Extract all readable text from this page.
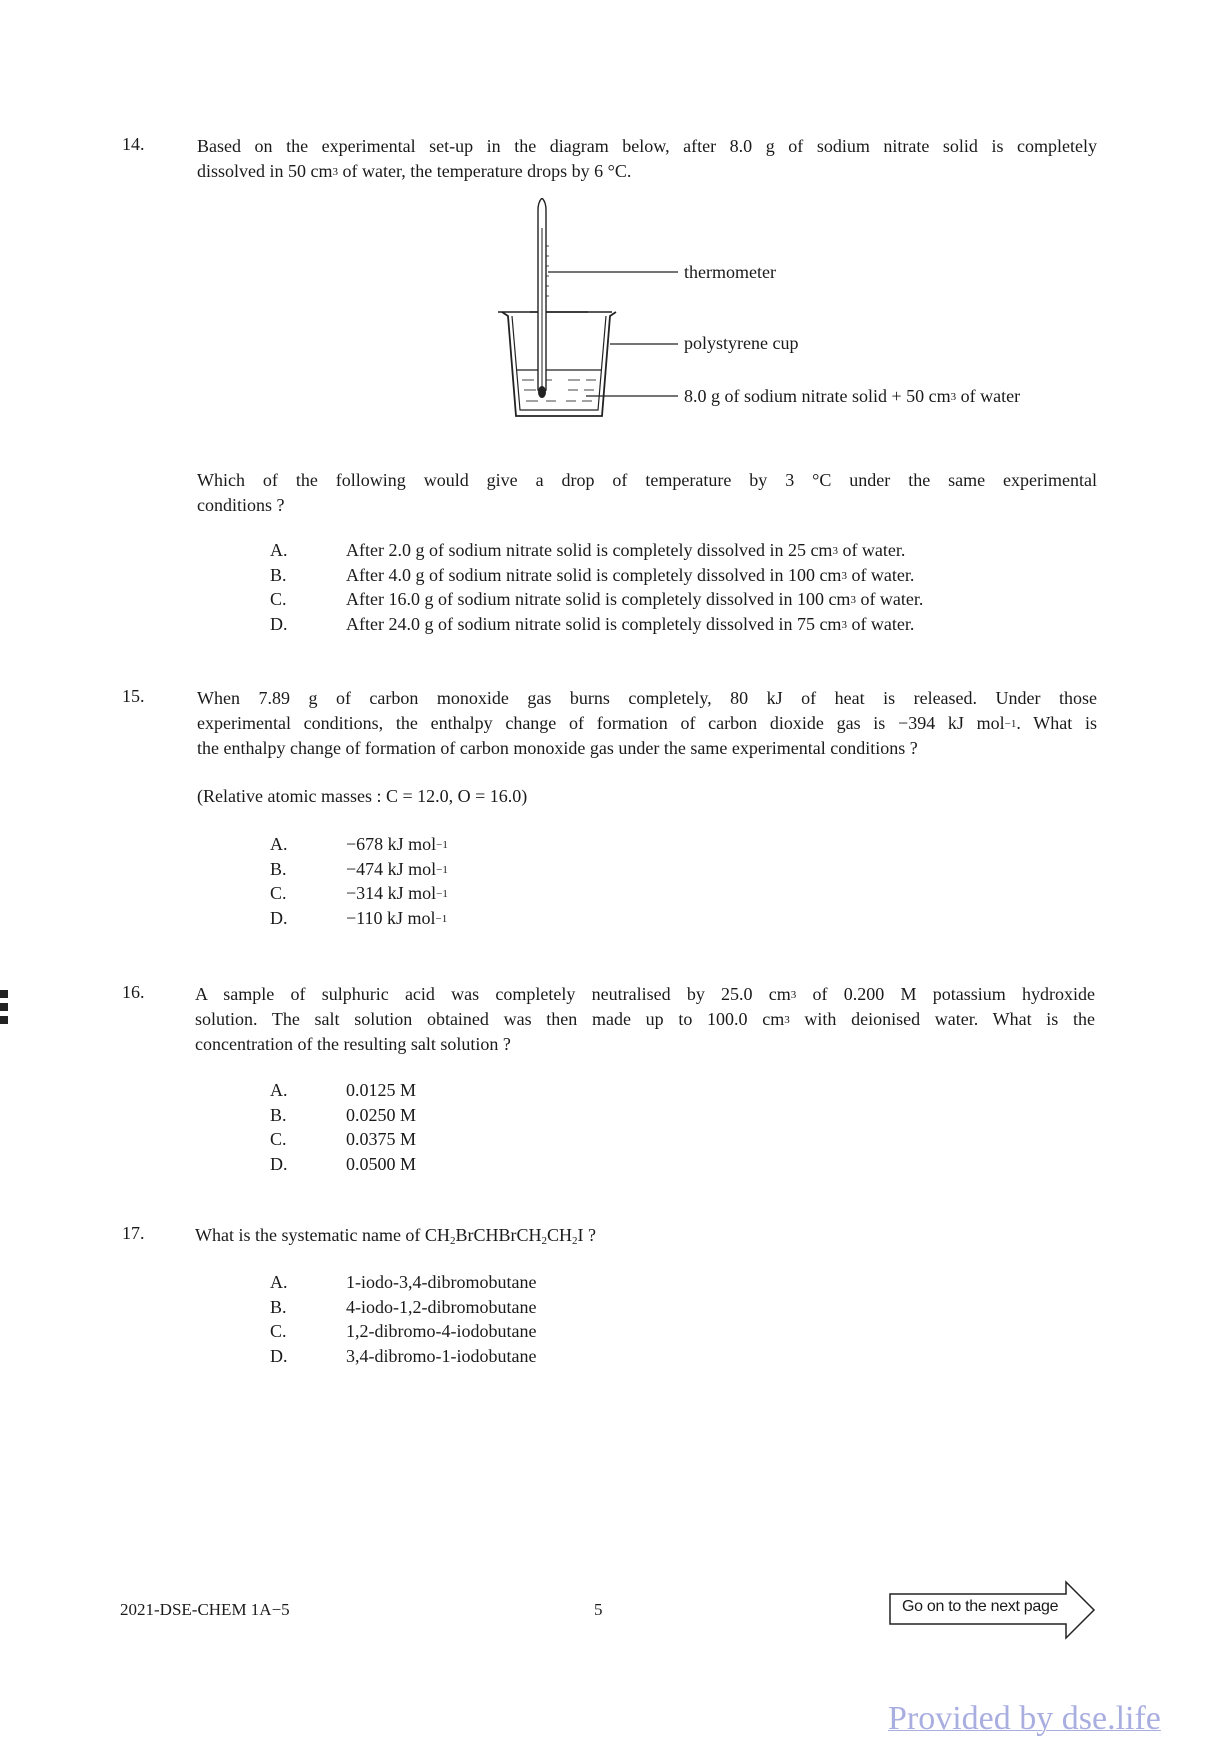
14.	Based on the experimental set-up in the diagram below, after 8.0 g of sodium nitrate solid is completely
dissolved in 50 $cm^3$ of water, the temperature drops by 6 °C.
thermometer
polystyrene cup
8.0 g of sodium nitrate solid + 50 $cm^3$ of water
Which of the following would give a drop of temperature by 3 °C under the same experimental
conditions ?
A.	After 2.0 g of sodium nitrate solid is completely dissolved in 25 $cm^3$ of water.
B.	After 4.0 g of sodium nitrate solid is completely dissolved in 100 $cm^3$ of water.
C.	After 16.0 g of sodium nitrate solid is completely dissolved in 100 $cm^3$ of water.
D.	After 24.0 g of sodium nitrate solid is completely dissolved in 75 $cm^3$ of water.
15.	When 7.89 g of carbon monoxide gas burns completely, 80 kJ of heat is released. Under those
experimental conditions, the enthalpy change of formation of carbon dioxide gas is −394 kJ mol$^{-1}$. What is
the enthalpy change of formation of carbon monoxide gas under the same experimental conditions ?
(Relative atomic masses : C = 12.0, O = 16.0)
A.	−678 kJ mol$^{-1}$
B.	−474 kJ mol$^{-1}$
C.	−314 kJ mol$^{-1}$
D.	−110 kJ mol$^{-1}$
16.	A sample of sulphuric acid was completely neutralised by 25.0 $cm^3$ of 0.200 M potassium hydroxide
solution. The salt solution obtained was then made up to 100.0 $cm^3$ with deionised water. What is the
concentration of the resulting salt solution ?
A.	0.0125 M
B.	0.0250 M
C.	0.0375 M
D.	0.0500 M
17.	What is the systematic name of $CH_2BrCHBrCH_2CH_2I$ ?
A.	1-iodo-3,4-dibromobutane
B.	4-iodo-1,2-dibromobutane
C.	1,2-dibromo-4-iodobutane
D.	3,4-dibromo-1-iodobutane
2021-DSE-CHEM 1A−5	5	Go on to the next page
Provided by dse.life
